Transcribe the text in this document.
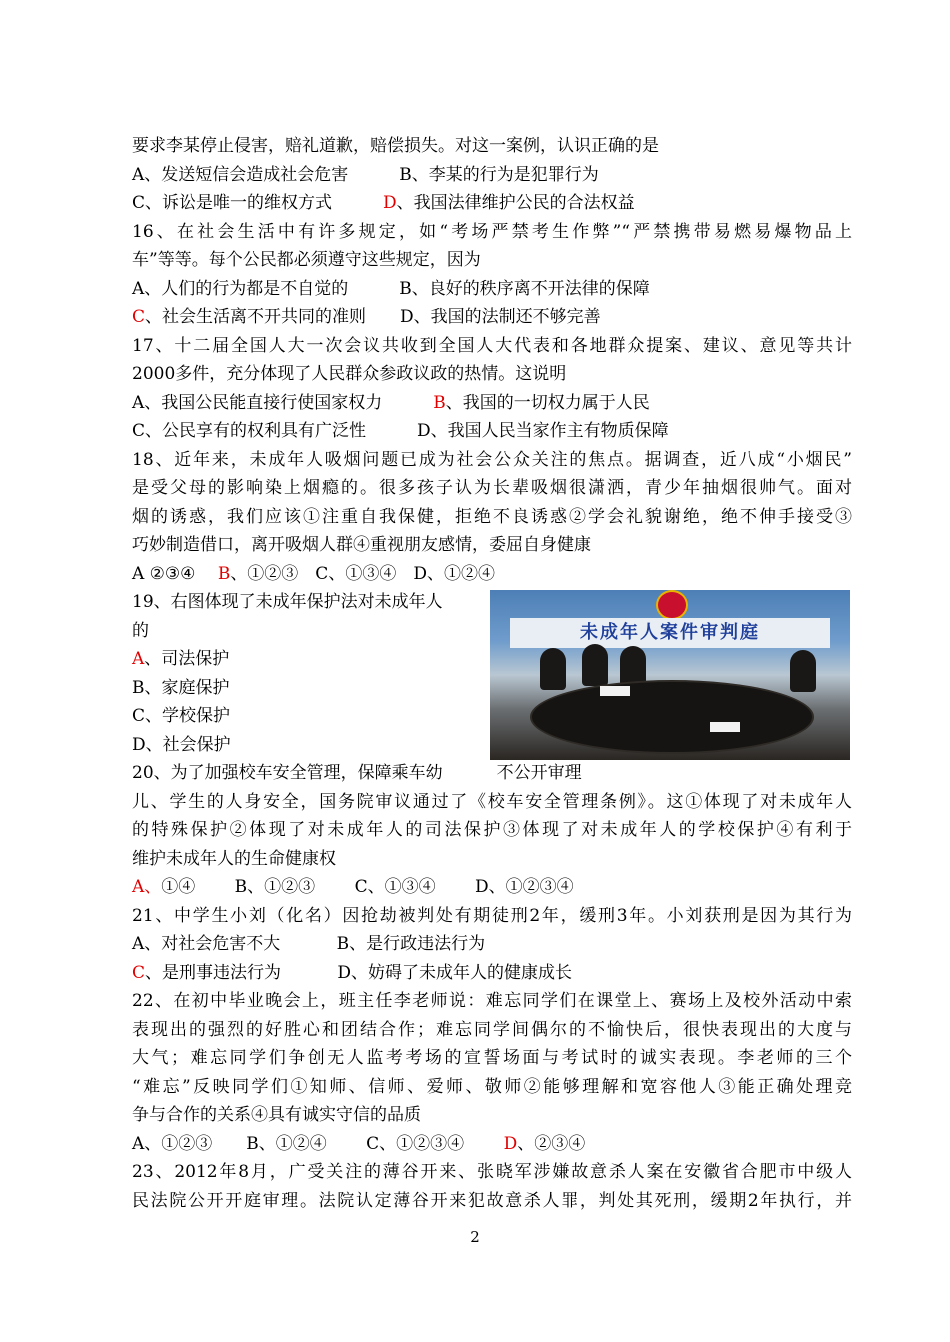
要求李某停止侵害，赔礼道歉，赔偿损失。对这一案例，认识正确的是
A、发送短信会造成社会危害　　　B、李某的行为是犯罪行为
C、诉讼是唯一的维权方式　　　D、我国法律维护公民的合法权益
16、在社会生活中有许多规定，如“考场严禁考生作弊”“严禁携带易燃易爆物品上
车”等等。每个公民都必须遵守这些规定，因为
A、人们的行为都是不自觉的　　　B、良好的秩序离不开法律的保障
C、社会生活离不开共同的准则　　D、我国的法制还不够完善
17、十二届全国人大一次会议共收到全国人大代表和各地群众提案、建议、意见等共计
2000多件，充分体现了人民群众参政议政的热情。这说明
A、我国公民能直接行使国家权力　　　B、我国的一切权力属于人民
C、公民享有的权利具有广泛性　　　D、我国人民当家作主有物质保障
18、近年来，未成年人吸烟问题已成为社会公众关注的焦点。据调查，近八成“小烟民”
是受父母的影响染上烟瘾的。很多孩子认为长辈吸烟很潇洒，青少年抽烟很帅气。面对
烟的诱惑，我们应该①注重自我保健，拒绝不良诱惑②学会礼貌谢绝，绝不伸手接受③
巧妙制造借口，离开吸烟人群④重视朋友感情，委屈自身健康
A ②③④　 B、①②③　C、①③④　D、①②④
19、右图体现了未成年保护法对未成年人
的
A、司法保护
B、家庭保护
C、学校保护
D、社会保护
未成年人案件审判庭
20、为了加强校车安全管理，保障乘车幼	不公开审理
儿、学生的人身安全，国务院审议通过了《校车安全管理条例》。这①体现了对未成年人
的特殊保护②体现了对未成年人的司法保护③体现了对未成年人的学校保护④有利于
维护未成年人的生命健康权
A、①④　　 B、①②③　　 C、①③④　　 D、①②③④
21、中学生小刘（化名）因抢劫被判处有期徒刑2年，缓刑3年。小刘获刑是因为其行为
A、对社会危害不大　　　 B、是行政违法行为
C、是刑事违法行为　　　 D、妨碍了未成年人的健康成长
22、在初中毕业晚会上，班主任李老师说：难忘同学们在课堂上、赛场上及校外活动中索
表现出的强烈的好胜心和团结合作；难忘同学间偶尔的不愉快后，很快表现出的大度与
大气；难忘同学们争创无人监考考场的宣誓场面与考试时的诚实表现。李老师的三个
“难忘”反映同学们①知师、信师、爱师、敬师②能够理解和宽容他人③能正确处理竞
争与合作的关系④具有诚实守信的品质
A、①②③　　B、①②④　　 C、①②③④　　 D、②③④
23、2012年8月，广受关注的薄谷开来、张晓军涉嫌故意杀人案在安徽省合肥市中级人
民法院公开开庭审理。法院认定薄谷开来犯故意杀人罪，判处其死刑，缓期2年执行，并
2
